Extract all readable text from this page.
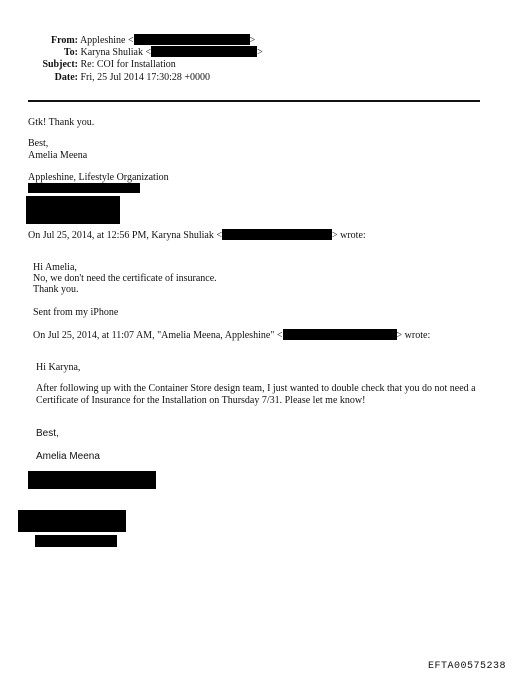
From: Appleshine <	>
To: Karyna Shuliak <	>
Subject: Re: COI for Installation
Date: Fri, 25 Jul 2014 17:30:28 +0000
Gtk! Thank you.
Best,
Amelia Meena
Appleshine, Lifestyle Organization
On Jul 25, 2014, at 12:56 PM, Karyna Shuliak <	> wrote:
Hi Amelia,
No, we don't need the certificate of insurance.
Thank you.
Sent from my iPhone
On Jul 25, 2014, at 11:07 AM, "Amelia Meena, Appleshine" <	> wrote:
Hi Karyna,
After following up with the Container Store design team, I just wanted to double check that you do not need a
Certificate of Insurance for the Installation on Thursday 7/31. Please let me know!
Best,
Amelia Meena
EFTA00575238
